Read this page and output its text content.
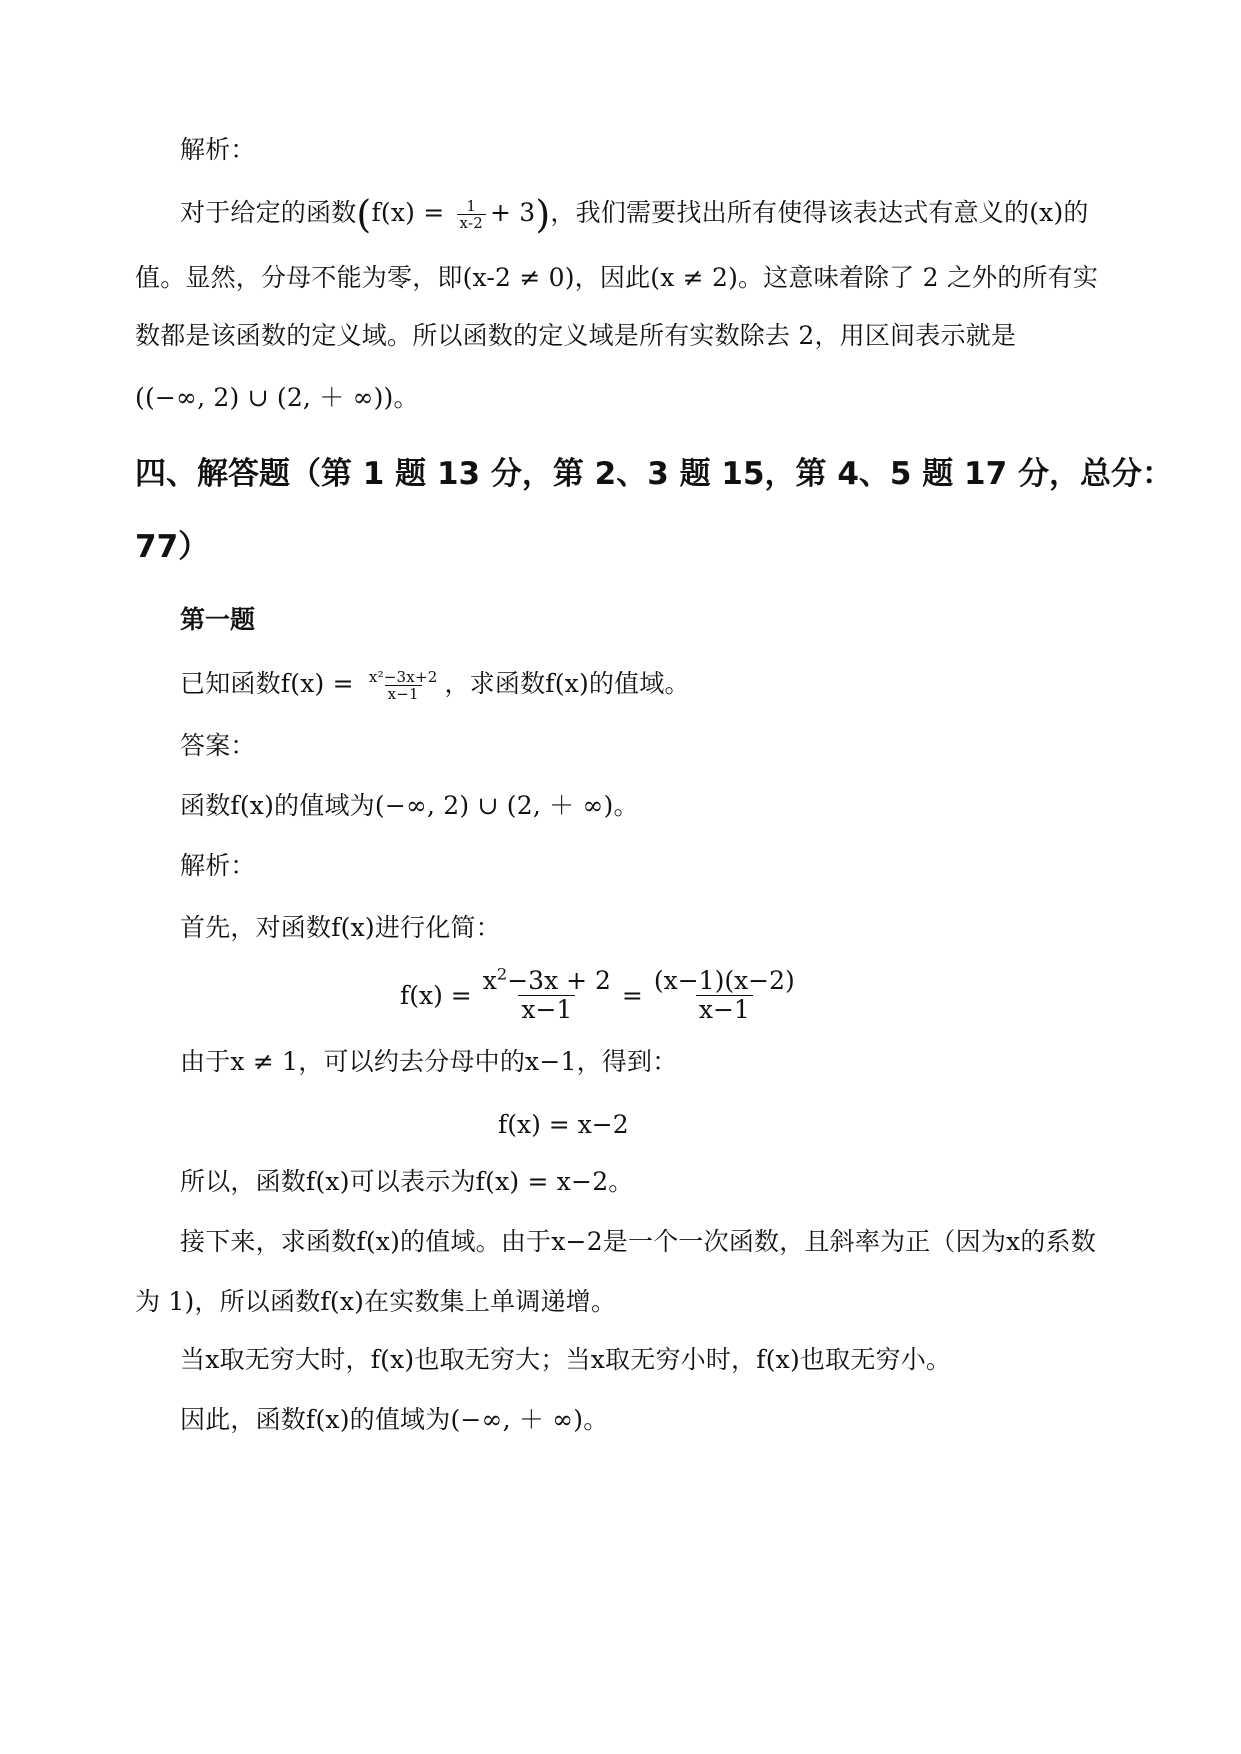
解析：
对于给定的函数$(f(x) = \frac{1}{x-2} + 3)$，我们需要找出所有使得该表达式有意义的(x)的
值。显然，分母不能为零，即(x-2 ≠ 0)，因此(x ≠ 2)。这意味着除了 2 之外的所有实
数都是该函数的定义域。所以函数的定义域是所有实数除去 2，用区间表示就是
((−∞, 2) ∪ (2, ＋ ∞))。
四、解答题（第 1 题 13 分，第 2、3 题 15，第 4、5 题 17 分，总分：
77）
第一题
已知函数$f(x) = \frac{\text{x²−3x+2}}{x-1}$ ，求函数f(x)的值域。
答案：
函数f(x)的值域为(−∞, 2) ∪ (2, ＋ ∞)。
解析：
首先，对函数f(x)进行化简：
$f(x) = \frac{x^2-3x + 2}{x-1} = \frac{(x-1)(x-2)}{x-1}$
由于x ≠ 1，可以约去分母中的x−1，得到：
f(x) = x−2
所以，函数f(x)可以表示为f(x) = x−2。
接下来，求函数f(x)的值域。由于x−2是一个一次函数，且斜率为正（因为x的系数
为 1)，所以函数f(x)在实数集上单调递增。
当x取无穷大时，f(x)也取无穷大；当x取无穷小时，f(x)也取无穷小。
因此，函数f(x)的值域为(−∞, ＋ ∞)。
